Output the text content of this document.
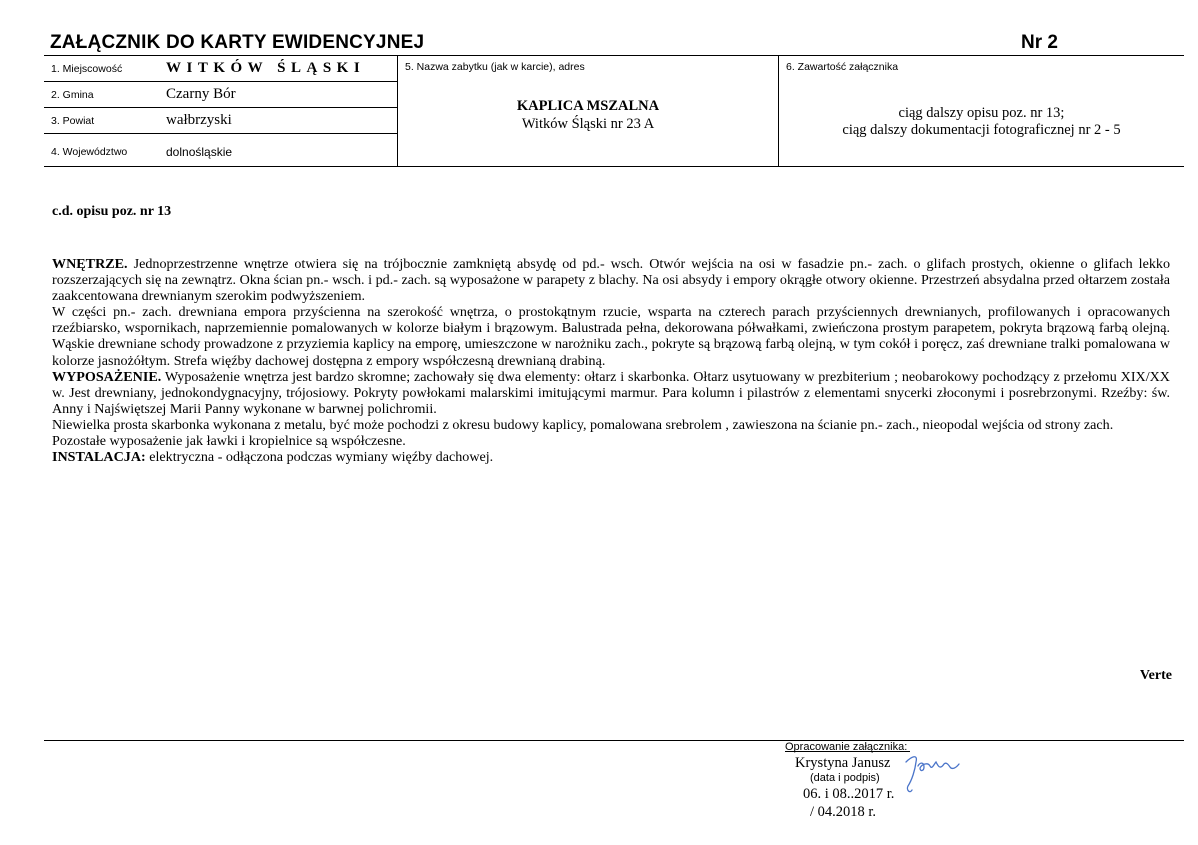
ZAŁĄCZNIK DO KARTY EWIDENCYJNEJ	Nr 2
1. Miejscowość	WITKÓW ŚLĄSKI
2. Gmina	Czarny Bór
3. Powiat	wałbrzyski
4. Województwo	dolnośląskie
5. Nazwa zabytku (jak w karcie), adres
KAPLICA MSZALNA
Witków Śląski nr 23 A
6. Zawartość załącznika
ciąg dalszy opisu poz. nr 13;
ciąg dalszy dokumentacji fotograficznej nr 2 - 5
c.d. opisu poz. nr 13

WNĘTRZE. Jednoprzestrzenne wnętrze otwiera się na trójbocznie zamkniętą absydę od pd.- wsch. Otwór wejścia na osi w fasadzie pn.- zach. o glifach prostych, okienne o glifach lekko rozszerzających się na zewnątrz. Okna ścian pn.- wsch. i pd.- zach. są wyposażone w parapety z blachy. Na osi absydy i empory okrągłe otwory okienne. Przestrzeń absydalna przed ołtarzem została zaakcentowana drewnianym szerokim podwyższeniem.

W części pn.- zach. drewniana empora przyścienna na szerokość wnętrza, o prostokątnym rzucie, wsparta na czterech parach przyściennych drewnianych, profilowanych i opracowanych rzeźbiarsko, wspornikach, naprzemiennie pomalowanych w kolorze białym i brązowym. Balustrada pełna, dekorowana półwałkami, zwieńczona prostym parapetem, pokryta brązową farbą olejną. Wąskie drewniane schody prowadzone z przyziemia kaplicy na emporę, umieszczone w narożniku zach., pokryte są brązową farbą olejną, w tym cokół i poręcz, zaś drewniane tralki pomalowana w kolorze jasnożółtym. Strefa więźby dachowej dostępna z empory współczesną drewnianą drabiną.

WYPOSAŻENIE. Wyposażenie wnętrza jest bardzo skromne; zachowały się dwa elementy: ołtarz i skarbonka. Ołtarz usytuowany w prezbiterium ; neobarokowy pochodzący z przełomu XIX/XX w. Jest drewniany, jednokondygnacyjny, trójosiowy. Pokryty powłokami malarskimi imitującymi marmur. Para kolumn i pilastrów z elementami snycerki złoconymi i posrebrzonymi. Rzeźby: św. Anny i Najświętszej Marii Panny wykonane w barwnej polichromii.

Niewielka prosta skarbonka wykonana z metalu, być może pochodzi z okresu budowy kaplicy, pomalowana srebrolem , zawieszona na ścianie pn.- zach., nieopodal wejścia od strony zach.

Pozostałe wyposażenie jak ławki i kropielnice są współczesne.

INSTALACJA: elektryczna - odłączona podczas wymiany więźby dachowej.

Verte
Opracowanie załącznika:
Krystyna Janusz
(data i podpis)
06. i 08..2017 r.
/ 04.2018 r.
